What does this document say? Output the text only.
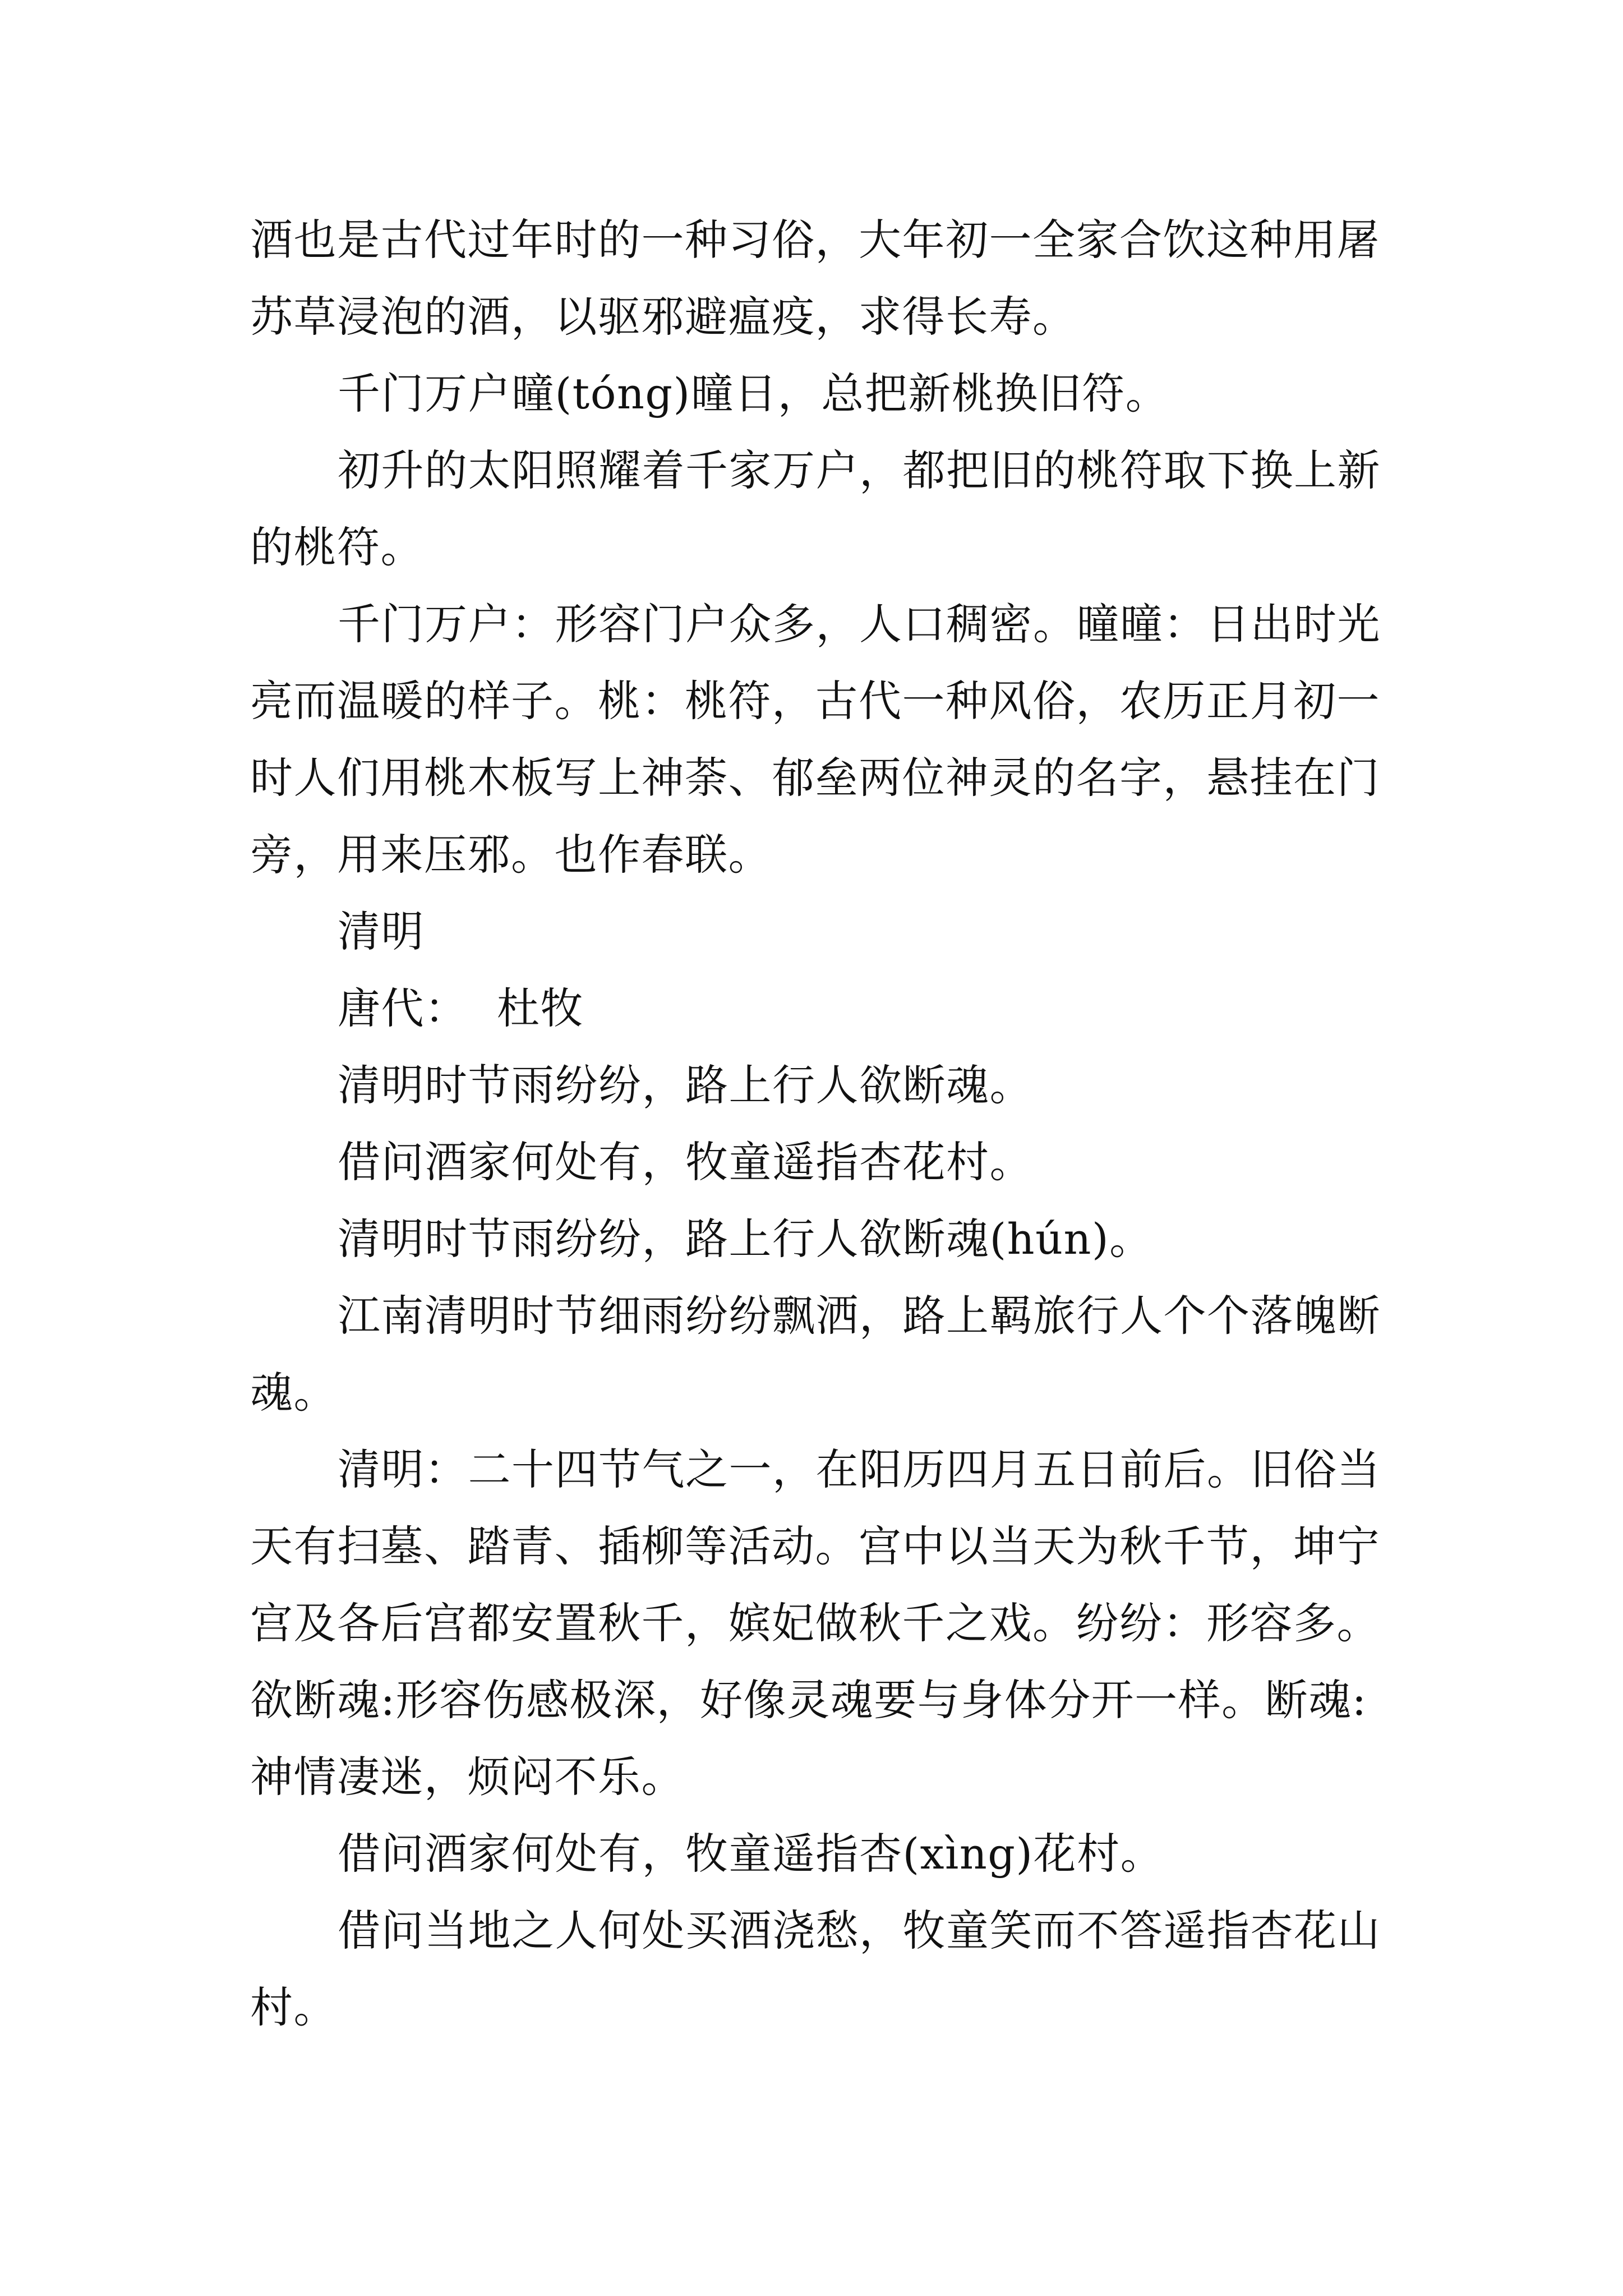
酒也是古代过年时的一种习俗，大年初一全家合饮这种用屠
苏草浸泡的酒，以驱邪避瘟疫，求得长寿。
千门万户曈(tóng)曈日，总把新桃换旧符。
初升的太阳照耀着千家万户，都把旧的桃符取下换上新
的桃符。
千门万户：形容门户众多，人口稠密。曈曈：日出时光
亮而温暖的样子。桃：桃符，古代一种风俗，农历正月初一
时人们用桃木板写上神荼、郁垒两位神灵的名字，悬挂在门
旁，用来压邪。也作春联。
清明
唐代：  杜牧
清明时节雨纷纷，路上行人欲断魂。
借问酒家何处有，牧童遥指杏花村。
清明时节雨纷纷，路上行人欲断魂(hún)。
江南清明时节细雨纷纷飘洒，路上羁旅行人个个落魄断
魂。
清明：二十四节气之一，在阳历四月五日前后。旧俗当
天有扫墓、踏青、插柳等活动。宫中以当天为秋千节，坤宁
宫及各后宫都安置秋千，嫔妃做秋千之戏。纷纷：形容多。
欲断魂:形容伤感极深，好像灵魂要与身体分开一样。断魂:
神情凄迷，烦闷不乐。
借问酒家何处有，牧童遥指杏(xìng)花村。
借问当地之人何处买酒浇愁，牧童笑而不答遥指杏花山
村。
